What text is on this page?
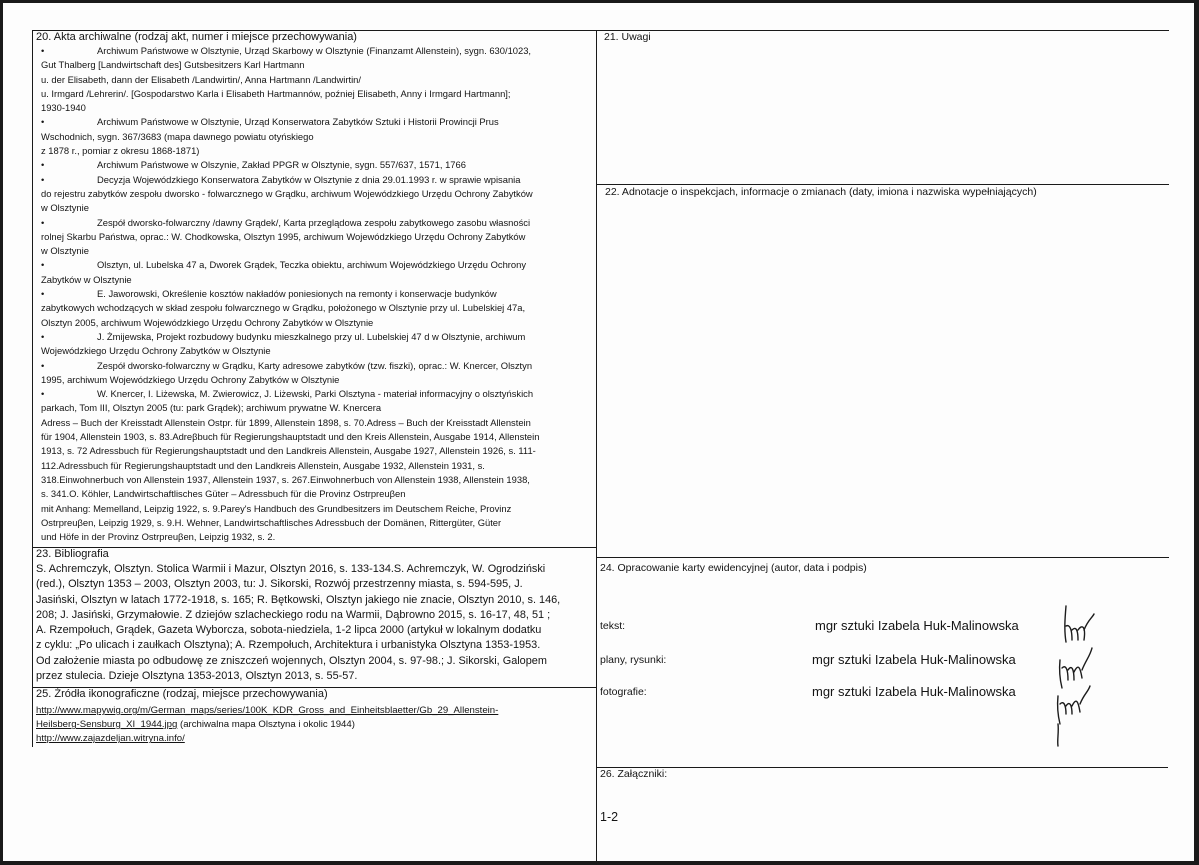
20. Akta archiwalne (rodzaj akt, numer i miejsce przechowywania)
•	Archiwum Państwowe w Olsztynie, Urząd Skarbowy w Olsztynie (Finanzamt Allenstein), sygn. 630/1023,
Gut Thalberg [Landwirtschaft des] Gutsbesitzers Karl Hartmann
u. der Elisabeth, dann der Elisabeth /Landwirtin/, Anna Hartmann /Landwirtin/
u. Irmgard /Lehrerin/. [Gospodarstwo Karla i Elisabeth Hartmannów, poźniej Elisabeth, Anny i Irmgard Hartmann];
1930-1940
•	Archiwum Państwowe w Olsztynie, Urząd Konserwatora Zabytków Sztuki i Historii Prowincji Prus
Wschodnich, sygn. 367/3683 (mapa dawnego powiatu otyńskiego
z 1878 r., pomiar z okresu 1868-1871)
•	Archiwum Państwowe w Olszynie, Zakład PPGR w Olsztynie, sygn. 557/637, 1571, 1766
•	Decyzja Wojewódzkiego Konserwatora Zabytków w Olsztynie z dnia 29.01.1993 r. w sprawie wpisania
do rejestru zabytków zespołu dworsko - folwarcznego w Grądku, archiwum Wojewódzkiego Urzędu Ochrony Zabytków
w Olsztynie
•	Zespół dworsko-folwarczny /dawny Grądek/, Karta przeglądowa zespołu zabytkowego zasobu własności
rolnej Skarbu Państwa, oprac.: W. Chodkowska, Olsztyn 1995, archiwum Wojewódzkiego Urzędu Ochrony Zabytków
w Olsztynie
•	Olsztyn, ul. Lubelska 47 a, Dworek Grądek, Teczka obiektu, archiwum Wojewódzkiego Urzędu Ochrony
Zabytków w Olsztynie
•	E. Jaworowski, Określenie kosztów nakładów poniesionych na remonty i konserwacje budynków
zabytkowych wchodzących w skład zespołu folwarcznego w Grądku, położonego w Olsztynie przy ul. Lubelskiej 47a,
Olsztyn 2005, archiwum Wojewódzkiego Urzędu Ochrony Zabytków w Olsztynie
•	J. Żmijewska, Projekt rozbudowy budynku mieszkalnego przy ul. Lubelskiej 47 d w Olsztynie, archiwum
Wojewódzkiego Urzędu Ochrony Zabytków w Olsztynie
•	Zespół dworsko-folwarczny w Grądku, Karty adresowe zabytków (tzw. fiszki), oprac.: W. Knercer, Olsztyn
1995, archiwum Wojewódzkiego Urzędu Ochrony Zabytków w Olsztynie
•	W. Knercer, I. Liżewska, M. Zwierowicz, J. Liżewski, Parki Olsztyna - materiał informacyjny o olsztyńskich
parkach, Tom III, Olsztyn 2005 (tu: park Grądek); archiwum prywatne W. Knercera
Adress – Buch der Kreisstadt Allenstein Ostpr. für 1899, Allenstein 1898, s. 70.Adress – Buch der Kreisstadt Allenstein
für 1904, Allenstein 1903, s. 83.Adreβbuch für Regierungshauptstadt und den Kreis Allenstein, Ausgabe 1914, Allenstein
1913, s. 72 Adressbuch für Regierungshauptstadt und den Landkreis Allenstein, Ausgabe 1927, Allenstein 1926, s. 111-
112.Adressbuch für Regierungshauptstadt und den Landkreis Allenstein, Ausgabe 1932, Allenstein 1931, s.
318.Einwohnerbuch von Allenstein 1937, Allenstein 1937, s. 267.Einwohnerbuch von Allenstein 1938, Allenstein 1938,
s. 341.O. Köhler, Landwirtschaftlisches Güter – Adressbuch für die Provinz Ostrpreuβen
mit Anhang: Memelland, Leipzig 1922, s. 9.Parey's Handbuch des Grundbesitzers im Deutschem Reiche, Provinz
Ostrpreuβen, Leipzig 1929, s. 9.H. Wehner, Landwirtschaftlisches Adressbuch der Domänen, Rittergüter, Güter
und Höfe in der Provinz Ostrpreuβen, Leipzig 1932, s. 2.
23. Bibliografia
S. Achremczyk, Olsztyn. Stolica Warmii i Mazur, Olsztyn 2016, s. 133-134.S. Achremczyk, W. Ogrodziński
(red.), Olsztyn 1353 – 2003, Olsztyn 2003, tu: J. Sikorski, Rozwój przestrzenny miasta, s. 594-595, J.
Jasiński, Olsztyn w latach 1772-1918, s. 165; R. Bętkowski, Olsztyn jakiego nie znacie, Olsztyn 2010, s. 146,
208; J. Jasiński, Grzymałowie. Z dziejów szlacheckiego rodu na Warmii, Dąbrowno 2015, s. 16-17, 48, 51 ;
A. Rzempołuch, Grądek, Gazeta Wyborcza, sobota-niedziela, 1-2 lipca 2000 (artykuł w lokalnym dodatku
z cyklu: „Po ulicach i zaułkach Olsztyna); A. Rzempołuch, Architektura i urbanistyka Olsztyna 1353-1953.
Od założenie miasta po odbudowę ze zniszczeń wojennych, Olsztyn 2004, s. 97-98.; J. Sikorski, Galopem
przez stulecia. Dzieje Olsztyna 1353-2013, Olsztyn 2013, s. 55-57.
25. Źródła ikonograficzne (rodzaj, miejsce przechowywania)
http://www.mapywig.org/m/German_maps/series/100K_KDR_Gross_and_Einheitsblaetter/Gb_29_Allenstein-
Heilsberg-Sensburg_XI_1944.jpg (archiwalna mapa Olsztyna i okolic 1944)
http://www.zajazdeljan.witryna.info/
21. Uwagi
22. Adnotacje o inspekcjach, informacje o zmianach (daty, imiona i nazwiska wypełniających)
24. Opracowanie karty ewidencyjnej (autor, data i podpis)
tekst:	mgr sztuki Izabela Huk-Malinowska
plany, rysunki:	mgr sztuki Izabela Huk-Malinowska
fotografie:	mgr sztuki Izabela Huk-Malinowska
26. Załączniki:
1-2
